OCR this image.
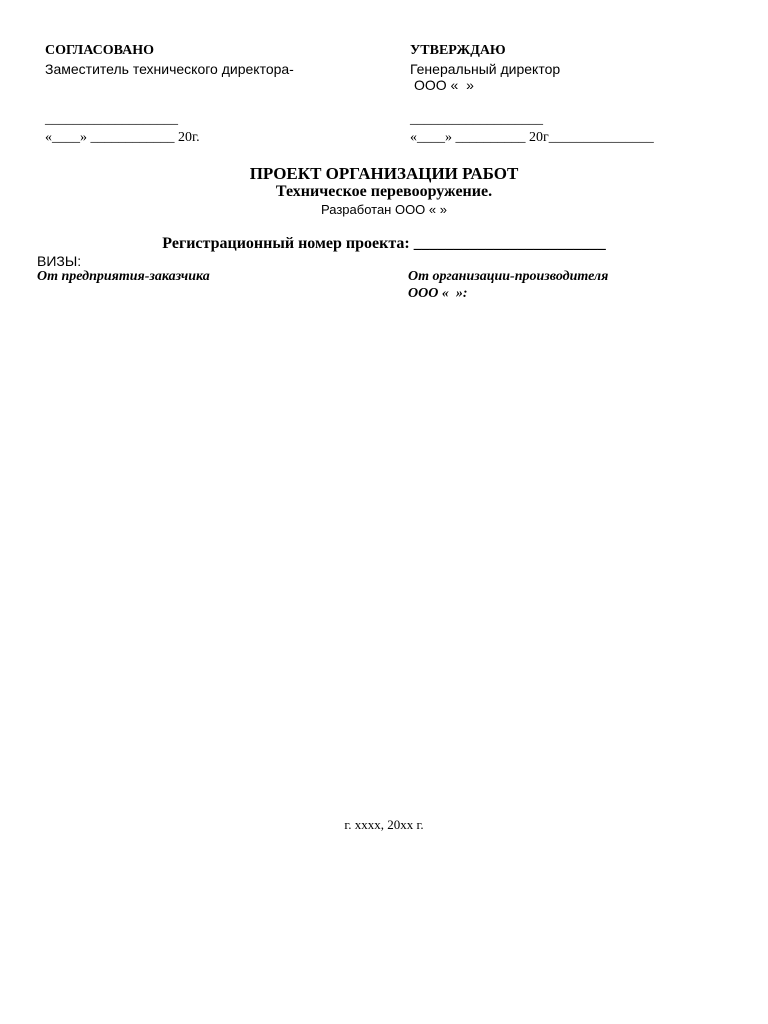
СОГЛАСОВАНО
Заместитель технического директора-
___________________
«____» ____________ 20г.
УТВЕРЖДАЮ
Генеральный директор
ООО «  »
___________________
«____» __________ 20г_______________
ПРОЕКТ ОРГАНИЗАЦИИ РАБОТ
Техническое перевооружение.
Разработан ООО « »
Регистрационный номер проекта: ________________________
ВИЗЫ:
От предприятия-заказчика	От организации-производителя
ООО «  »:
г. хххх, 20хх г.
